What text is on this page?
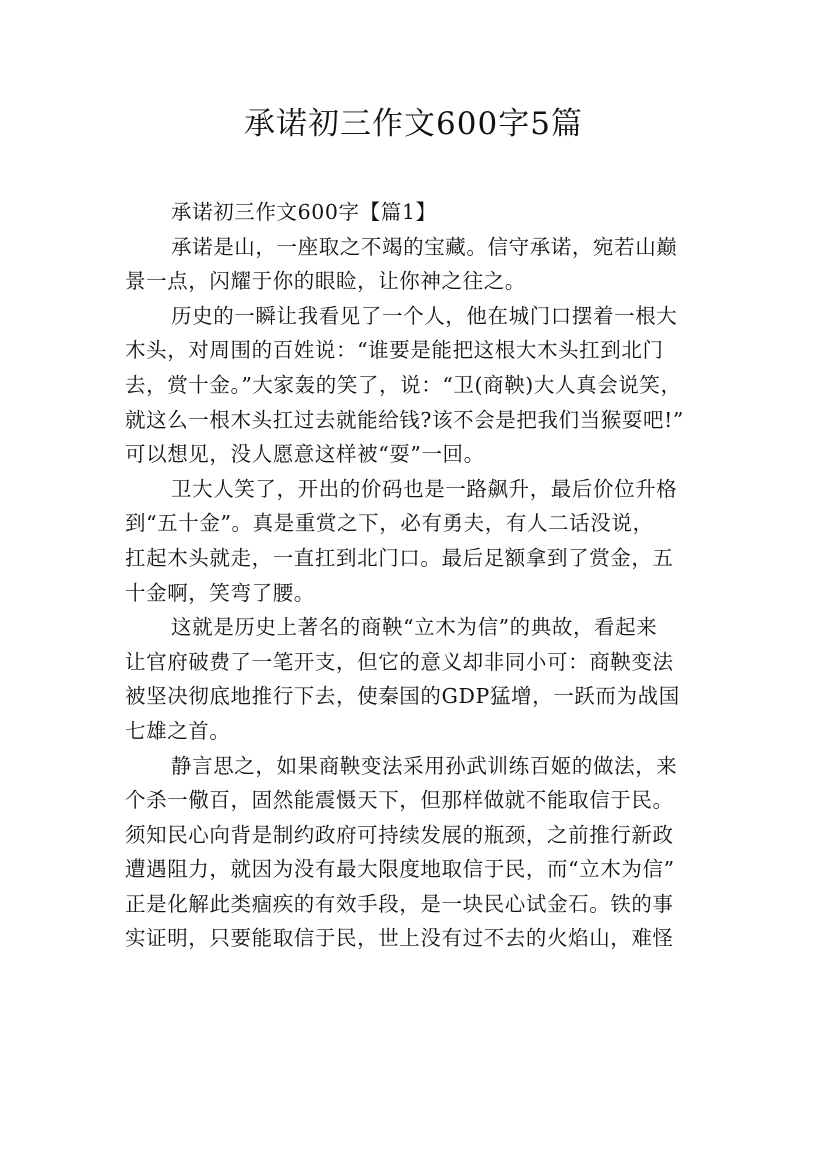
承诺初三作文600字5篇
承诺初三作文600字【篇1】
承诺是山，一座取之不竭的宝藏。信守承诺，宛若山巅
景一点，闪耀于你的眼睑，让你神之往之。
历史的一瞬让我看见了一个人，他在城门口摆着一根大
木头，对周围的百姓说：“谁要是能把这根大木头扛到北门
去，赏十金。”大家轰的笑了，说：“卫(商鞅)大人真会说笑，
就这么一根木头扛过去就能给钱?该不会是把我们当猴耍吧!”
可以想见，没人愿意这样被“耍”一回。
卫大人笑了，开出的价码也是一路飙升，最后价位升格
到“五十金”。真是重赏之下，必有勇夫，有人二话没说，
扛起木头就走，一直扛到北门口。最后足额拿到了赏金，五
十金啊，笑弯了腰。
这就是历史上著名的商鞅“立木为信”的典故，看起来
让官府破费了一笔开支，但它的意义却非同小可：商鞅变法
被坚决彻底地推行下去，使秦国的GDP猛增，一跃而为战国
七雄之首。
静言思之，如果商鞅变法采用孙武训练百姬的做法，来
个杀一儆百，固然能震慑天下，但那样做就不能取信于民。
须知民心向背是制约政府可持续发展的瓶颈，之前推行新政
遭遇阻力，就因为没有最大限度地取信于民，而“立木为信”
正是化解此类痼疾的有效手段，是一块民心试金石。铁的事
实证明，只要能取信于民，世上没有过不去的火焰山，难怪
